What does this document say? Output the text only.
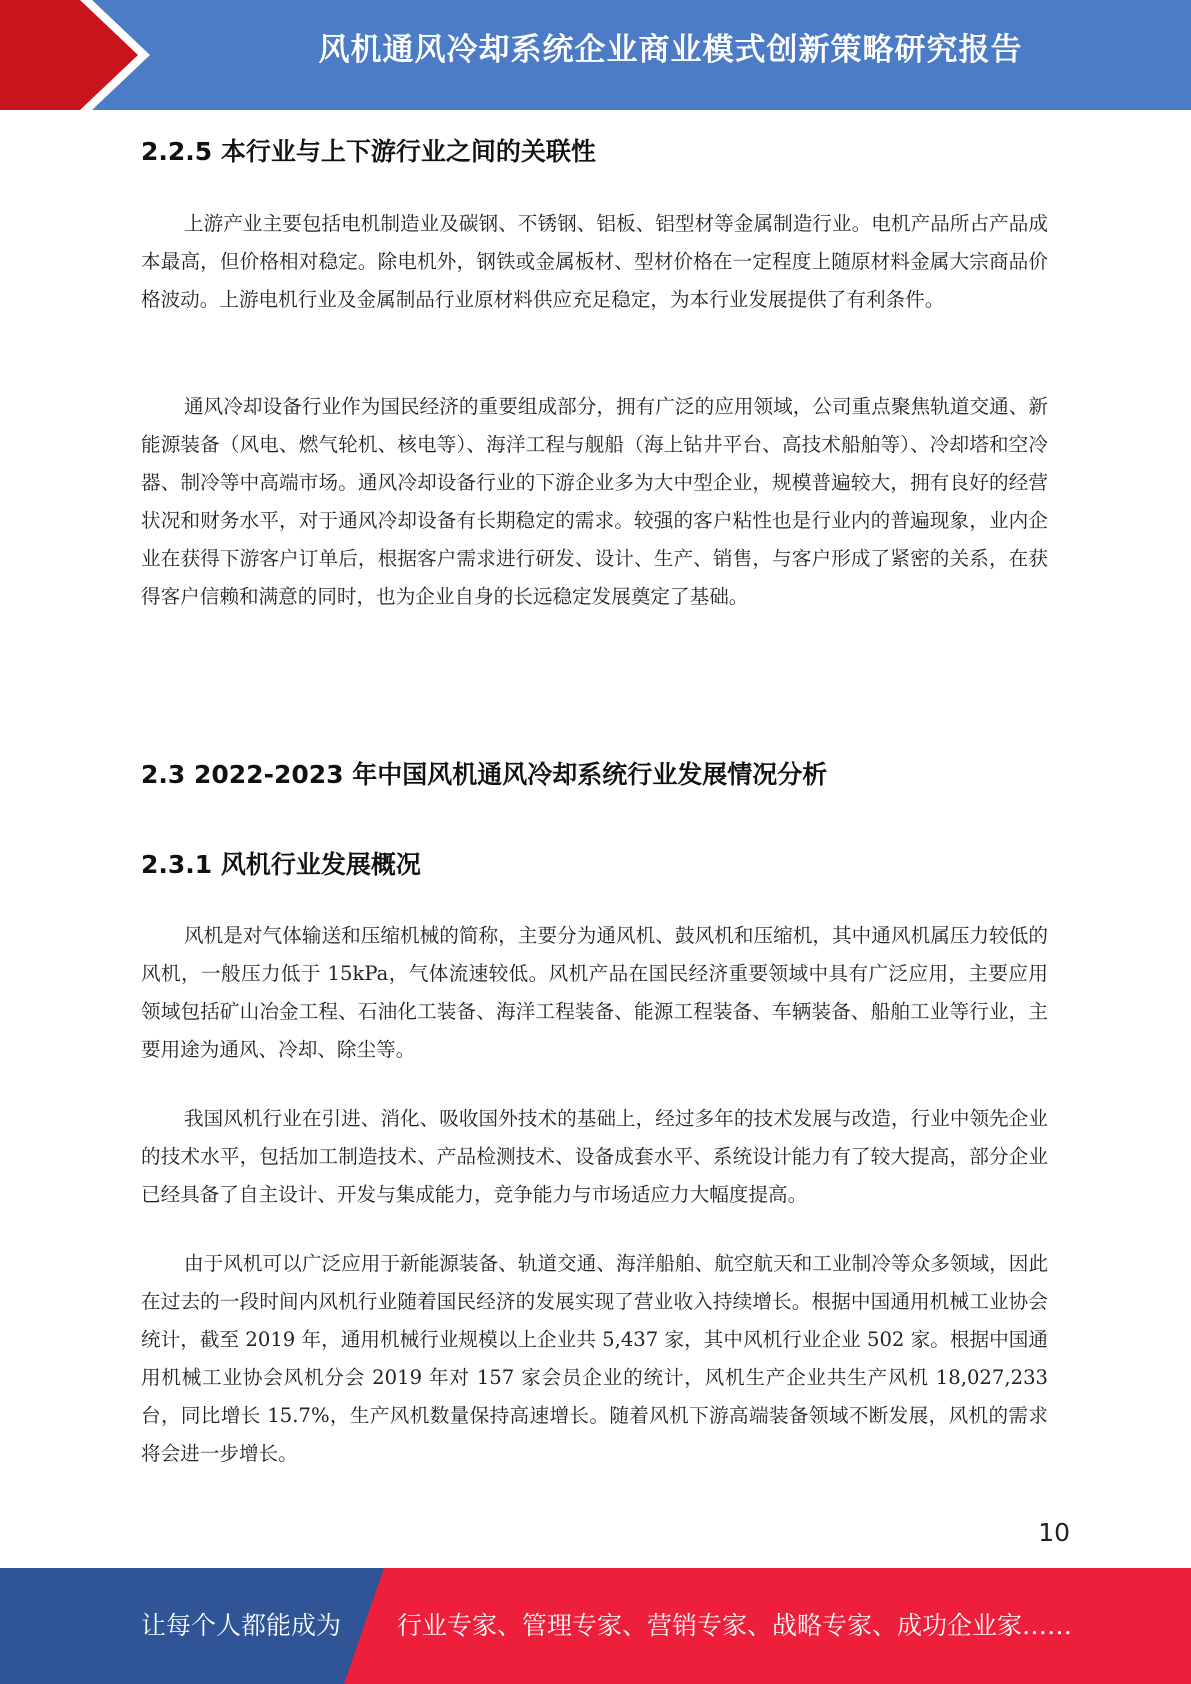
风机通风冷却系统企业商业模式创新策略研究报告
2.2.5 本行业与上下游行业之间的关联性

上游产业主要包括电机制造业及碳钢、不锈钢、铝板、铝型材等金属制造行业。电机产品所占产品成本最高，但价格相对稳定。除电机外，钢铁或金属板材、型材价格在一定程度上随原材料金属大宗商品价格波动。上游电机行业及金属制品行业原材料供应充足稳定，为本行业发展提供了有利条件。

通风冷却设备行业作为国民经济的重要组成部分，拥有广泛的应用领域，公司重点聚焦轨道交通、新能源装备（风电、燃气轮机、核电等）、海洋工程与舰船（海上钻井平台、高技术船舶等）、冷却塔和空冷器、制冷等中高端市场。通风冷却设备行业的下游企业多为大中型企业，规模普遍较大，拥有良好的经营状况和财务水平，对于通风冷却设备有长期稳定的需求。较强的客户粘性也是行业内的普遍现象，业内企业在获得下游客户订单后，根据客户需求进行研发、设计、生产、销售，与客户形成了紧密的关系，在获得客户信赖和满意的同时，也为企业自身的长远稳定发展奠定了基础。

2.3 2022-2023 年中国风机通风冷却系统行业发展情况分析
2.3.1 风机行业发展概况

风机是对气体输送和压缩机械的简称，主要分为通风机、鼓风机和压缩机，其中通风机属压力较低的风机，一般压力低于 15kPa，气体流速较低。风机产品在国民经济重要领域中具有广泛应用，主要应用领域包括矿山冶金工程、石油化工装备、海洋工程装备、能源工程装备、车辆装备、船舶工业等行业，主要用途为通风、冷却、除尘等。

我国风机行业在引进、消化、吸收国外技术的基础上，经过多年的技术发展与改造，行业中领先企业的技术水平，包括加工制造技术、产品检测技术、设备成套水平、系统设计能力有了较大提高，部分企业已经具备了自主设计、开发与集成能力，竞争能力与市场适应力大幅度提高。

由于风机可以广泛应用于新能源装备、轨道交通、海洋船舶、航空航天和工业制冷等众多领域，因此在过去的一段时间内风机行业随着国民经济的发展实现了营业收入持续增长。根据中国通用机械工业协会统计，截至 2019 年，通用机械行业规模以上企业共 5,437 家，其中风机行业企业 502 家。根据中国通用机械工业协会风机分会 2019 年对 157 家会员企业的统计，风机生产企业共生产风机 18,027,233 台，同比增长 15.7%，生产风机数量保持高速增长。随着风机下游高端装备领域不断发展，风机的需求将会进一步增长。

10
让每个人都能成为 行业专家、管理专家、营销专家、战略专家、成功企业家……
